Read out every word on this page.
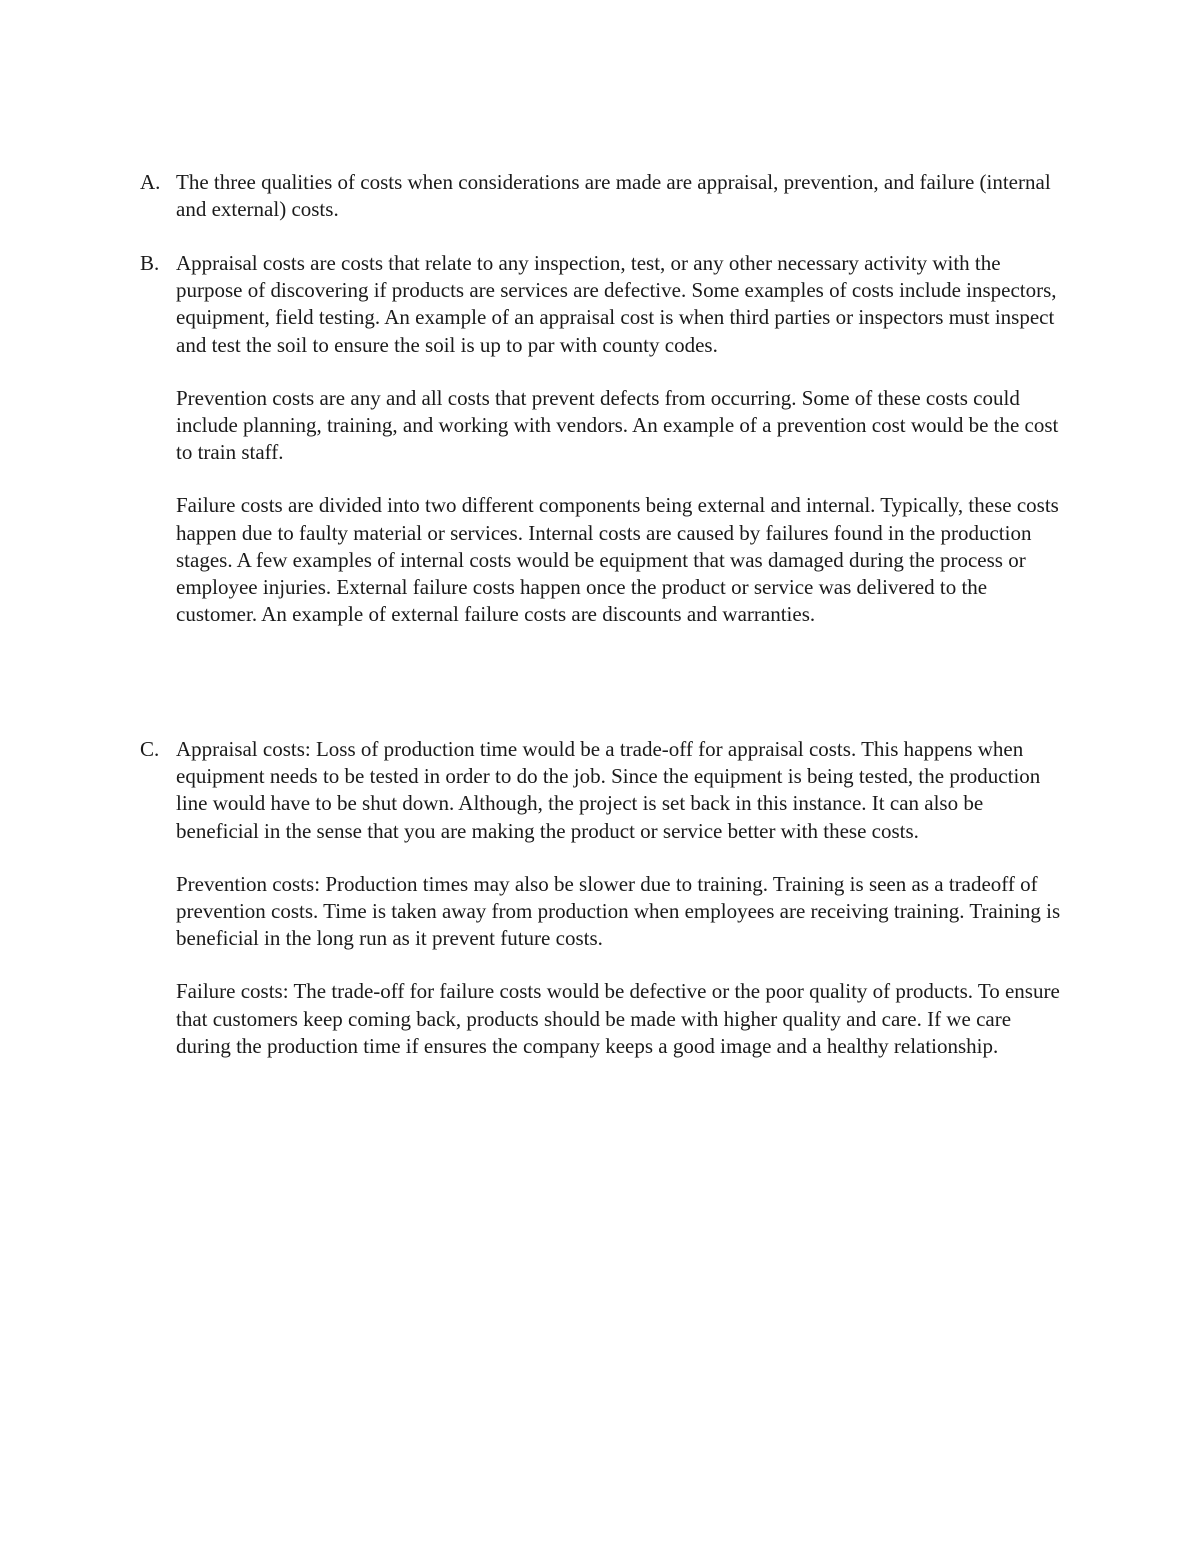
A. The three qualities of costs when considerations are made are appraisal, prevention, and failure (internal and external) costs.

B. Appraisal costs are costs that relate to any inspection, test, or any other necessary activity with the purpose of discovering if products are services are defective. Some examples of costs include inspectors, equipment, field testing. An example of an appraisal cost is when third parties or inspectors must inspect and test the soil to ensure the soil is up to par with county codes.

Prevention costs are any and all costs that prevent defects from occurring. Some of these costs could include planning, training, and working with vendors. An example of a prevention cost would be the cost to train staff.

Failure costs are divided into two different components being external and internal. Typically, these costs happen due to faulty material or services. Internal costs are caused by failures found in the production stages. A few examples of internal costs would be equipment that was damaged during the process or employee injuries. External failure costs happen once the product or service was delivered to the customer. An example of external failure costs are discounts and warranties.

C. Appraisal costs: Loss of production time would be a trade-off for appraisal costs. This happens when equipment needs to be tested in order to do the job. Since the equipment is being tested, the production line would have to be shut down. Although, the project is set back in this instance. It can also be beneficial in the sense that you are making the product or service better with these costs.

Prevention costs: Production times may also be slower due to training. Training is seen as a tradeoff of prevention costs. Time is taken away from production when employees are receiving training. Training is beneficial in the long run as it prevent future costs.

Failure costs: The trade-off for failure costs would be defective or the poor quality of products. To ensure that customers keep coming back, products should be made with higher quality and care. If we care during the production time if ensures the company keeps a good image and a healthy relationship.
